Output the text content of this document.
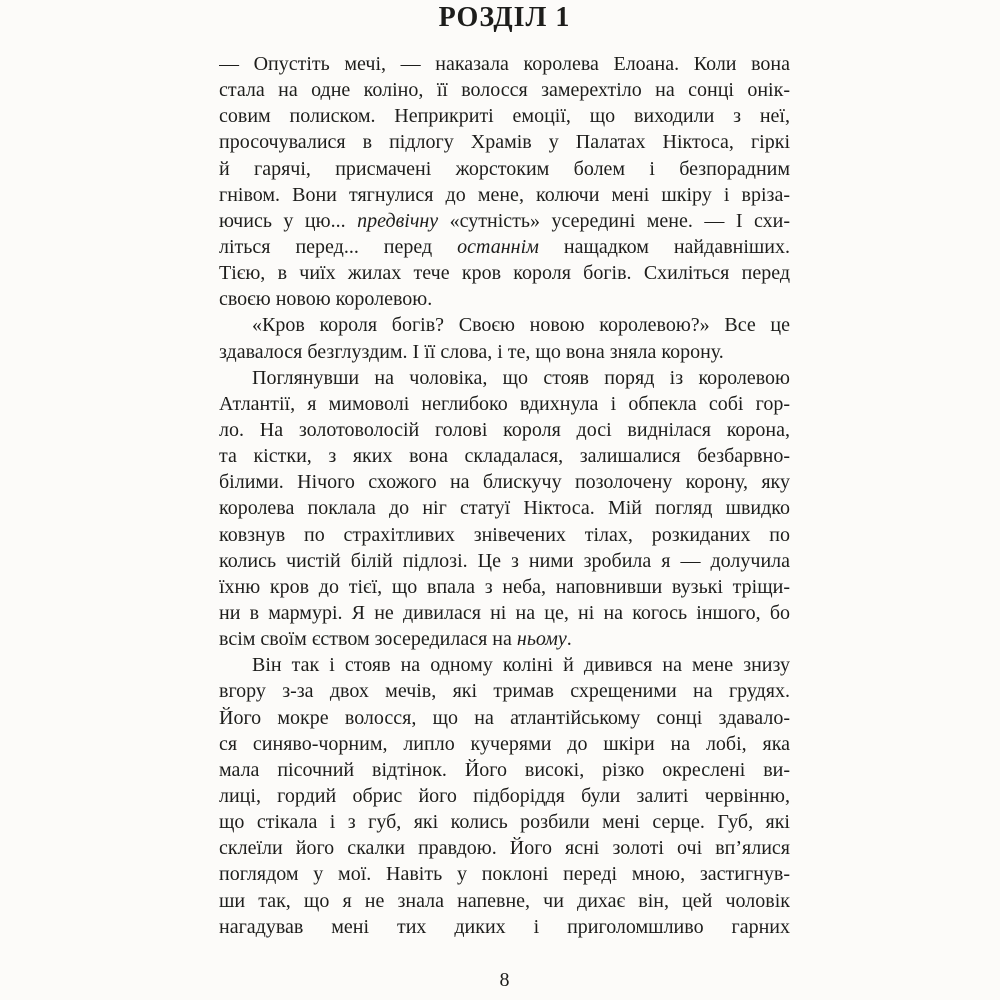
РОЗДІЛ 1
— Опустіть мечі, — наказала королева Елоана. Коли вона
стала на одне коліно, її волосся замерехтіло на сонці онік-
совим полиском. Неприкриті емоції, що виходили з неї,
просочувалися в підлогу Храмів у Палатах Ніктоса, гіркі
й гарячі, присмачені жорстоким болем і безпорадним
гнівом. Вони тягнулися до мене, колючи мені шкіру і вріза-
ючись у цю... предвічну «сутність» усередині мене. — І схи-
літься перед... перед останнім нащадком найдавніших.
Тією, в чиїх жилах тече кров короля богів. Схиліться перед
своєю новою королевою.
«Кров короля богів? Своєю новою королевою?» Все це
здавалося безглуздим. І її слова, і те, що вона зняла корону.
Поглянувши на чоловіка, що стояв поряд із королевою
Атлантії, я мимоволі неглибоко вдихнула і обпекла собі гор-
ло. На золотоволосій голові короля досі виднілася корона,
та кістки, з яких вона складалася, залишалися безбарвно-
білими. Нічого схожого на блискучу позолочену корону, яку
королева поклала до ніг статуї Ніктоса. Мій погляд швидко
ковзнув по страхітливих знівечених тілах, розкиданих по
колись чистій білій підлозі. Це з ними зробила я — долучила
їхню кров до тієї, що впала з неба, наповнивши вузькі тріщи-
ни в мармурі. Я не дивилася ні на це, ні на когось іншого, бо
всім своїм єством зосередилася на ньому.
Він так і стояв на одному коліні й дивився на мене знизу
вгору з-за двох мечів, які тримав схрещеними на грудях.
Його мокре волосся, що на атлантійському сонці здавало-
ся синяво-чорним, липло кучерями до шкіри на лобі, яка
мала пісочний відтінок. Його високі, різко окреслені ви-
лиці, гордий обрис його підборіддя були залиті червінню,
що стікала і з губ, які колись розбили мені серце. Губ, які
склеїли його скалки правдою. Його ясні золоті очі вп’ялися
поглядом у мої. Навіть у поклоні переді мною, застигнув-
ши так, що я не знала напевне, чи дихає він, цей чоловік
нагадував мені тих диких і приголомшливо гарних
8
